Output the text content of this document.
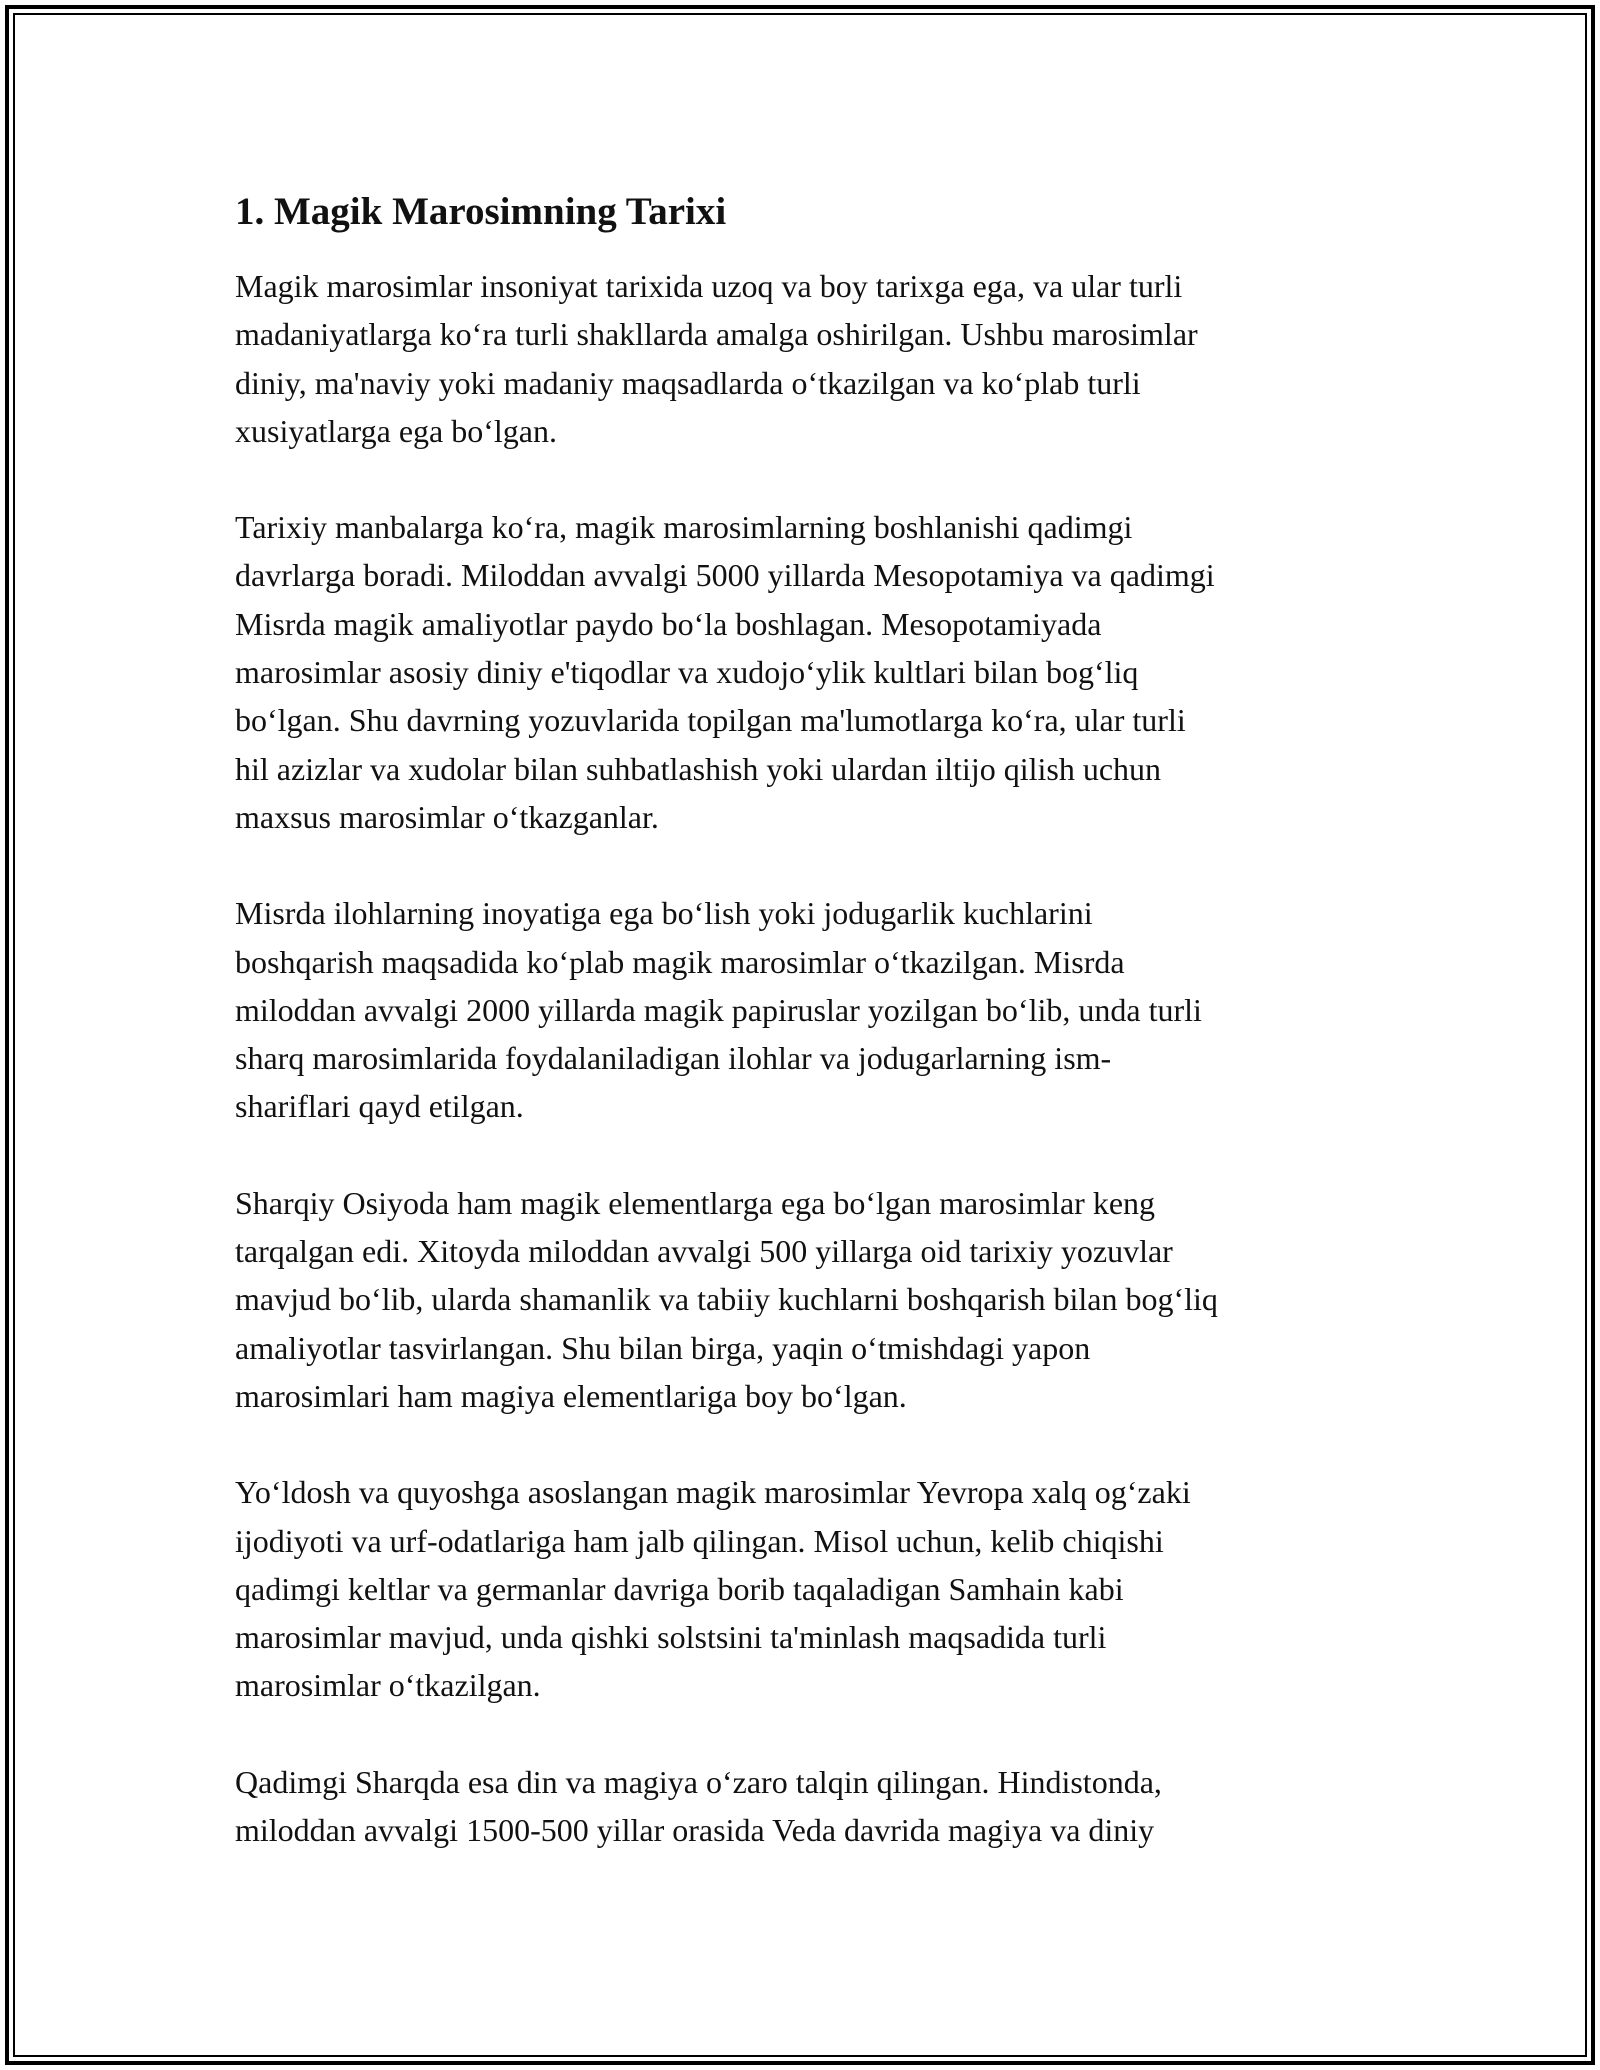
1. Magik Marosimning Tarixi

Magik marosimlar insoniyat tarixida uzoq va boy tarixga ega, va ular turli
madaniyatlarga ko‘ra turli shakllarda amalga oshirilgan. Ushbu marosimlar
diniy, ma'naviy yoki madaniy maqsadlarda o‘tkazilgan va ko‘plab turli
xusiyatlarga ega bo‘lgan.

Tarixiy manbalarga ko‘ra, magik marosimlarning boshlanishi qadimgi
davrlarga boradi. Miloddan avvalgi 5000 yillarda Mesopotamiya va qadimgi
Misrda magik amaliyotlar paydo bo‘la boshlagan. Mesopotamiyada
marosimlar asosiy diniy e'tiqodlar va xudojo‘ylik kultlari bilan bog‘liq
bo‘lgan. Shu davrning yozuvlarida topilgan ma'lumotlarga ko‘ra, ular turli
hil azizlar va xudolar bilan suhbatlashish yoki ulardan iltijo qilish uchun
maxsus marosimlar o‘tkazganlar.

Misrda ilohlarning inoyatiga ega bo‘lish yoki jodugarlik kuchlarini
boshqarish maqsadida ko‘plab magik marosimlar o‘tkazilgan. Misrda
miloddan avvalgi 2000 yillarda magik papiruslar yozilgan bo‘lib, unda turli
sharq marosimlarida foydalaniladigan ilohlar va jodugarlarning ism-
shariflari qayd etilgan.

Sharqiy Osiyoda ham magik elementlarga ega bo‘lgan marosimlar keng
tarqalgan edi. Xitoyda miloddan avvalgi 500 yillarga oid tarixiy yozuvlar
mavjud bo‘lib, ularda shamanlik va tabiiy kuchlarni boshqarish bilan bog‘liq
amaliyotlar tasvirlangan. Shu bilan birga, yaqin o‘tmishdagi yapon
marosimlari ham magiya elementlariga boy bo‘lgan.

Yo‘ldosh va quyoshga asoslangan magik marosimlar Yevropa xalq og‘zaki
ijodiyoti va urf-odatlariga ham jalb qilingan. Misol uchun, kelib chiqishi
qadimgi keltlar va germanlar davriga borib taqaladigan Samhain kabi
marosimlar mavjud, unda qishki solstsini ta'minlash maqsadida turli
marosimlar o‘tkazilgan.

Qadimgi Sharqda esa din va magiya o‘zaro talqin qilingan. Hindistonda,
miloddan avvalgi 1500-500 yillar orasida Veda davrida magiya va diniy
